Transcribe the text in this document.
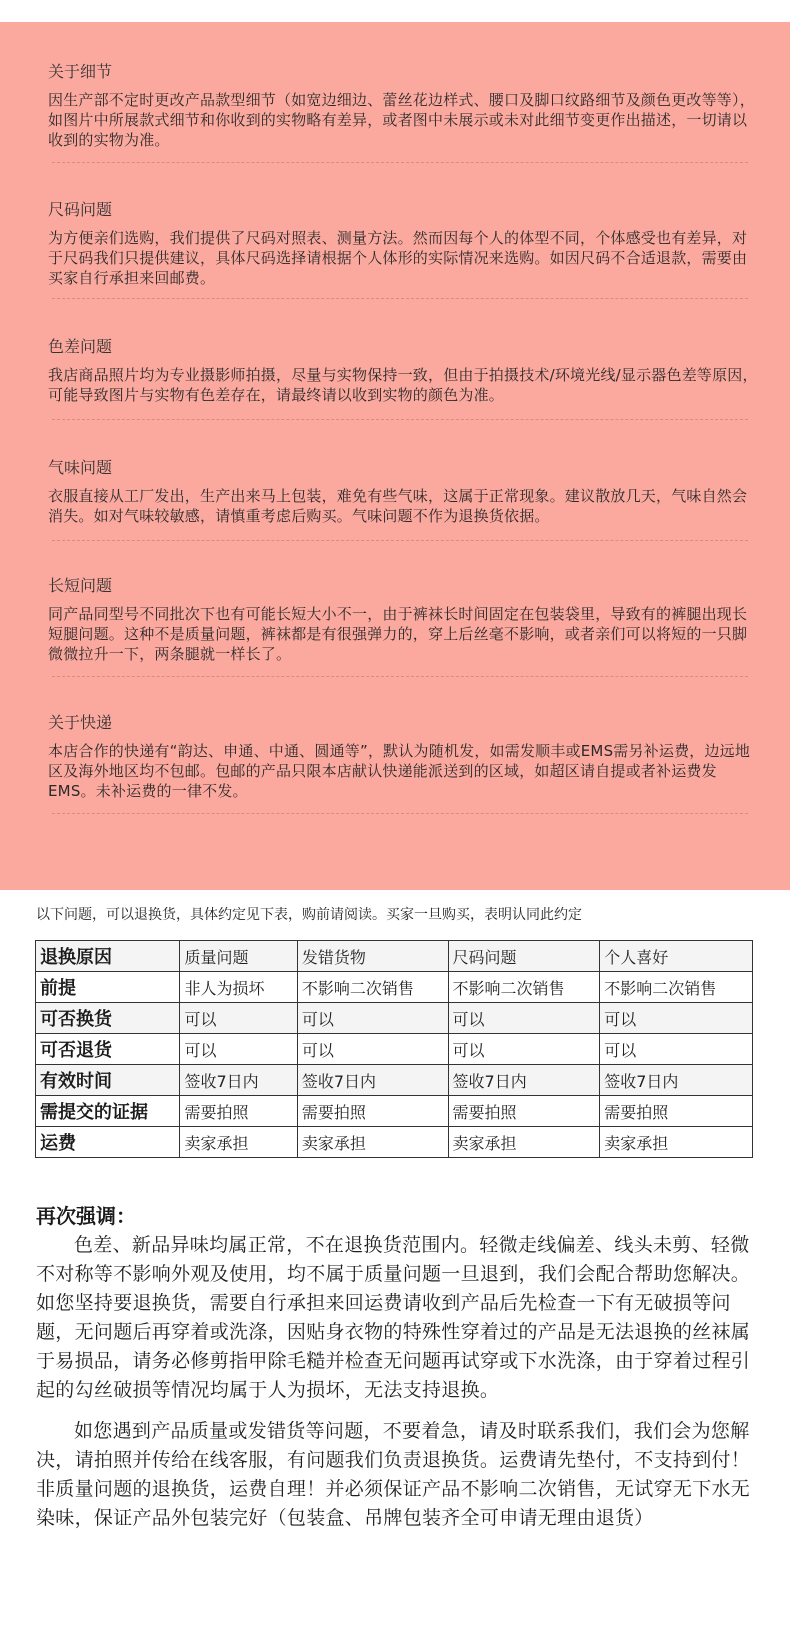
关于细节

因生产部不定时更改产品款型细节（如宽边细边、蕾丝花边样式、腰口及脚口纹路细节及颜色更改等等），如图片中所展款式细节和你收到的实物略有差异，或者图中未展示或未对此细节变更作出描述，一切请以收到的实物为准。

尺码问题

为方便亲们选购，我们提供了尺码对照表、测量方法。然而因每个人的体型不同，个体感受也有差异，对于尺码我们只提供建议，具体尺码选择请根据个人体形的实际情况来选购。如因尺码不合适退款，需要由买家自行承担来回邮费。

色差问题

我店商品照片均为专业摄影师拍摄，尽量与实物保持一致，但由于拍摄技术/环境光线/显示器色差等原因，可能导致图片与实物有色差存在，请最终请以收到实物的颜色为准。

气味问题

衣服直接从工厂发出，生产出来马上包装，难免有些气味，这属于正常现象。建议散放几天，气味自然会消失。如对气味较敏感，请慎重考虑后购买。气味问题不作为退换货依据。

长短问题

同产品同型号不同批次下也有可能长短大小不一，由于裤袜长时间固定在包装袋里，导致有的裤腿出现长短腿问题。这种不是质量问题，裤袜都是有很强弹力的，穿上后丝毫不影响，或者亲们可以将短的一只脚微微拉升一下，两条腿就一样长了。

关于快递

本店合作的快递有“韵达、申通、中通、圆通等”，默认为随机发，如需发顺丰或EMS需另补运费，边远地区及海外地区均不包邮。包邮的产品只限本店献认快递能派送到的区域，如超区请自提或者补运费发EMS。未补运费的一律不发。

以下问题，可以退换货，具体约定见下表，购前请阅读。买家一旦购买，表明认同此约定
退换原因	质量问题	发错货物	尺码问题	个人喜好
前提	非人为损坏	不影响二次销售	不影响二次销售	不影响二次销售
可否换货	可以	可以	可以	可以
可否退货	可以	可以	可以	可以
有效时间	签收7日内	签收7日内	签收7日内	签收7日内
需提交的证据	需要拍照	需要拍照	需要拍照	需要拍照
运费	卖家承担	卖家承担	卖家承担	卖家承担
再次强调：

色差、新品异味均属正常，不在退换货范围内。轻微走线偏差、线头未剪、轻微不对称等不影响外观及使用，均不属于质量问题一旦退到，我们会配合帮助您解决。如您坚持要退换货，需要自行承担来回运费请收到产品后先检查一下有无破损等问题，无问题后再穿着或洗涤，因贴身衣物的特殊性穿着过的产品是无法退换的丝袜属于易损品，请务必修剪指甲除毛糙并检查无问题再试穿或下水洗涤，由于穿着过程引起的勾丝破损等情况均属于人为损坏，无法支持退换。

如您遇到产品质量或发错货等问题，不要着急，请及时联系我们，我们会为您解决，请拍照并传给在线客服，有问题我们负责退换货。运费请先垫付，不支持到付！非质量问题的退换货，运费自理！并必须保证产品不影响二次销售，无试穿无下水无染味，保证产品外包装完好（包装盒、吊牌包装齐全可申请无理由退货）
